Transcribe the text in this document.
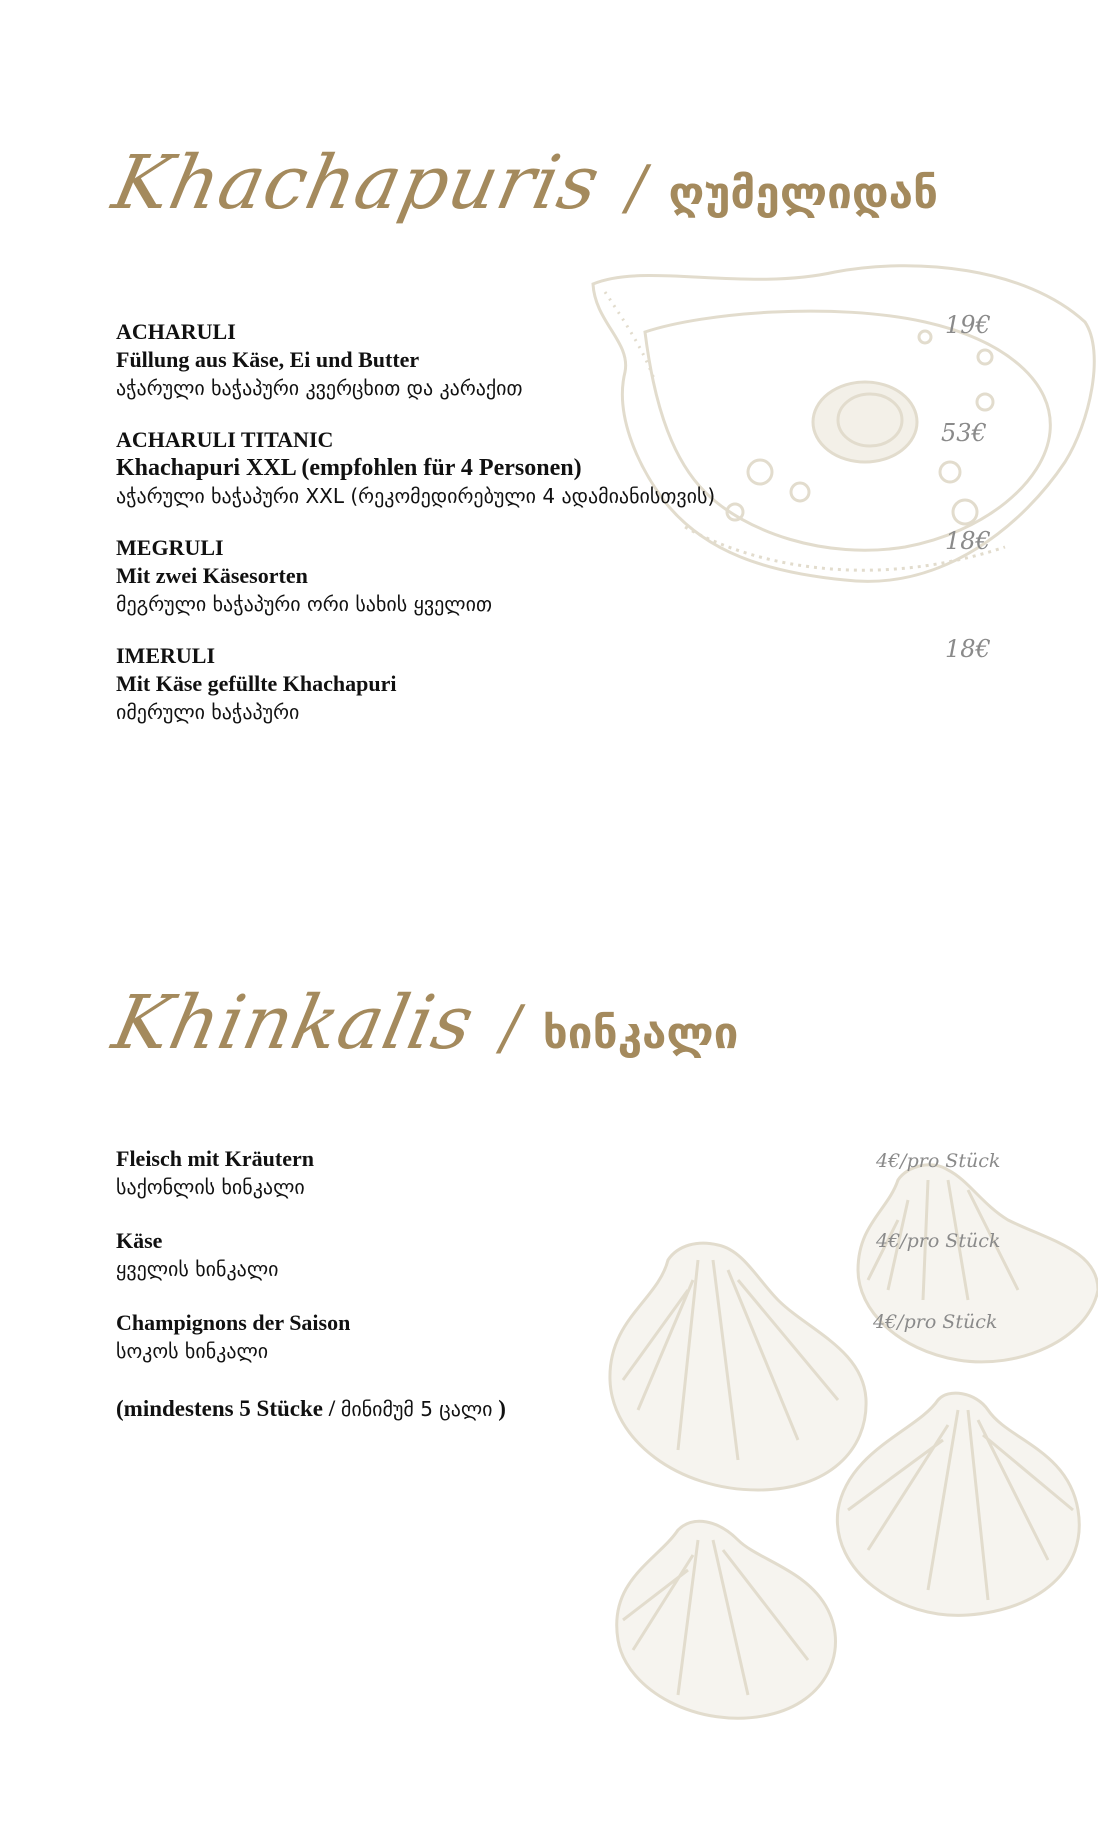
Khachapuris / ღუმელიდან
ACHARULI
Füllung aus Käse, Ei und Butter
აჭარული ხაჭაპური კვერცხით და კარაქით
19€
ACHARULI TITANIC
Khachapuri XXL (empfohlen für 4 Personen)
აჭარული ხაჭაპური XXL (რეკომედირებული 4 ადამიანისთვის)
53€
MEGRULI
Mit zwei Käsesorten
მეგრული ხაჭაპური ორი სახის ყველით
18€
IMERULI
Mit Käse gefüllte Khachapuri
იმერული ხაჭაპური
18€
Khinkalis / ხინკალი
Fleisch mit Kräutern
საქონლის ხინკალი
4€/pro Stück
Käse
ყველის ხინკალი
4€/pro Stück
Champignons der Saison
სოკოს ხინკალი
4€/pro Stück
(mindestens 5 Stücke / მინიმუმ 5 ცალი )
